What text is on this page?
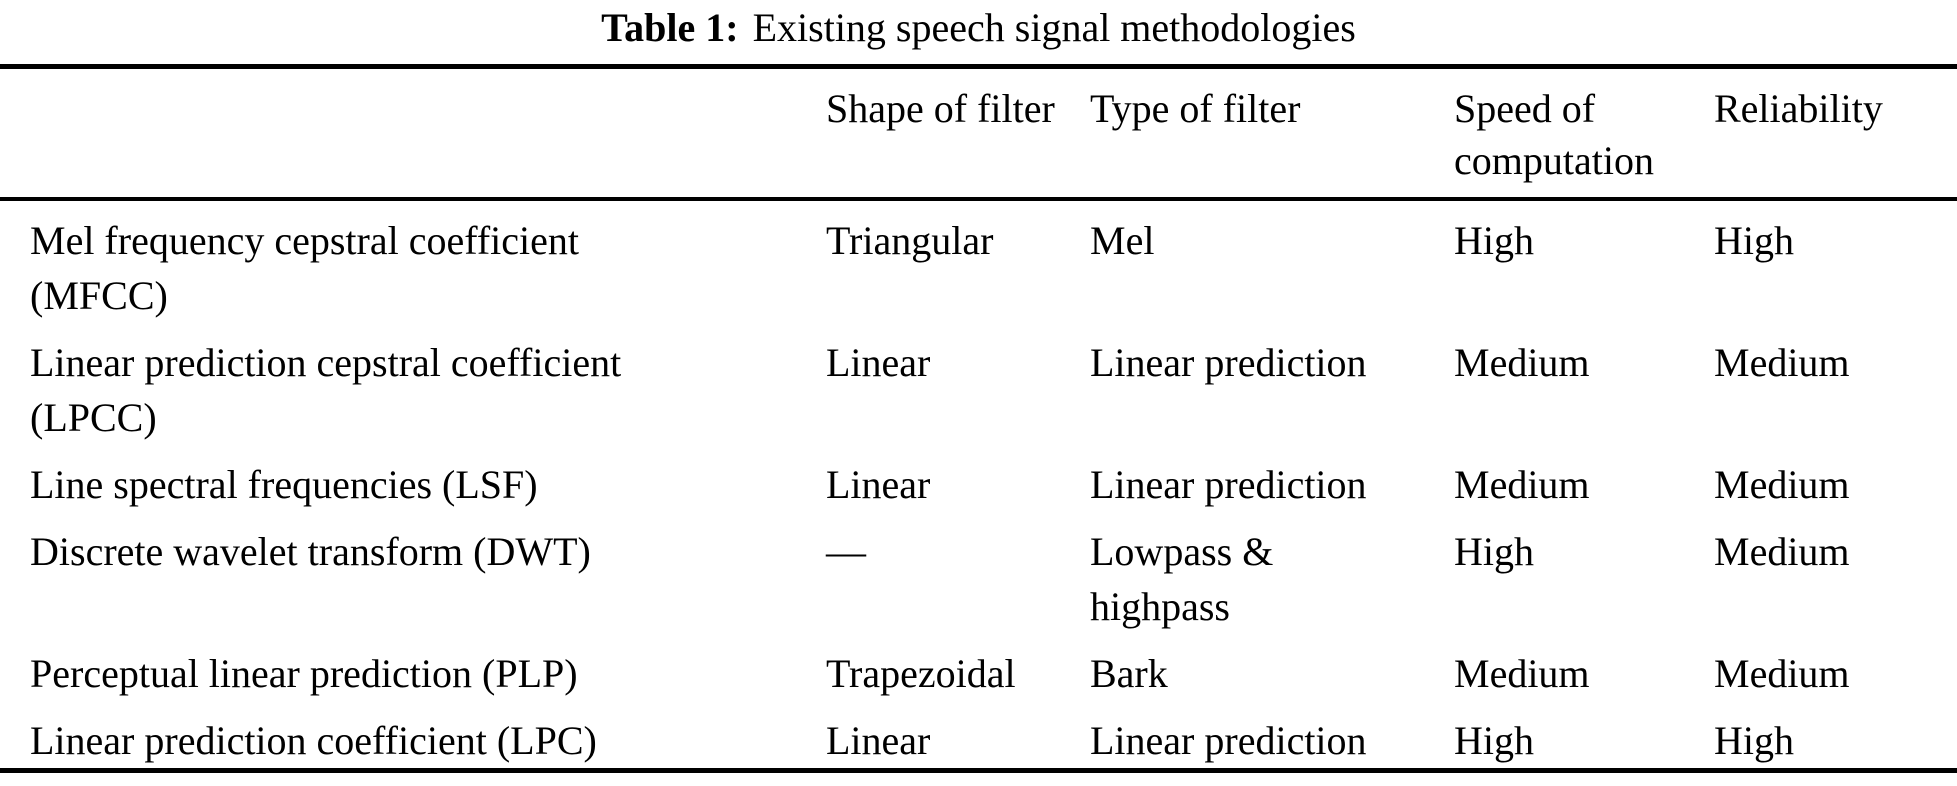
Table 1: Existing speech signal methodologies
	Shape of filter	Type of filter	Speed of computation	Reliability

Mel frequency cepstral coefficient
(MFCC)	Triangular	Mel	High	High

Linear prediction cepstral coefficient
(LPCC)	Linear	Linear prediction	Medium	Medium

Line spectral frequencies (LSF)	Linear	Linear prediction	Medium	Medium

Discrete wavelet transform (DWT)	—	Lowpass &
highpass	High	Medium

Perceptual linear prediction (PLP)	Trapezoidal	Bark	Medium	Medium

Linear prediction coefficient (LPC)	Linear	Linear prediction	High	High
